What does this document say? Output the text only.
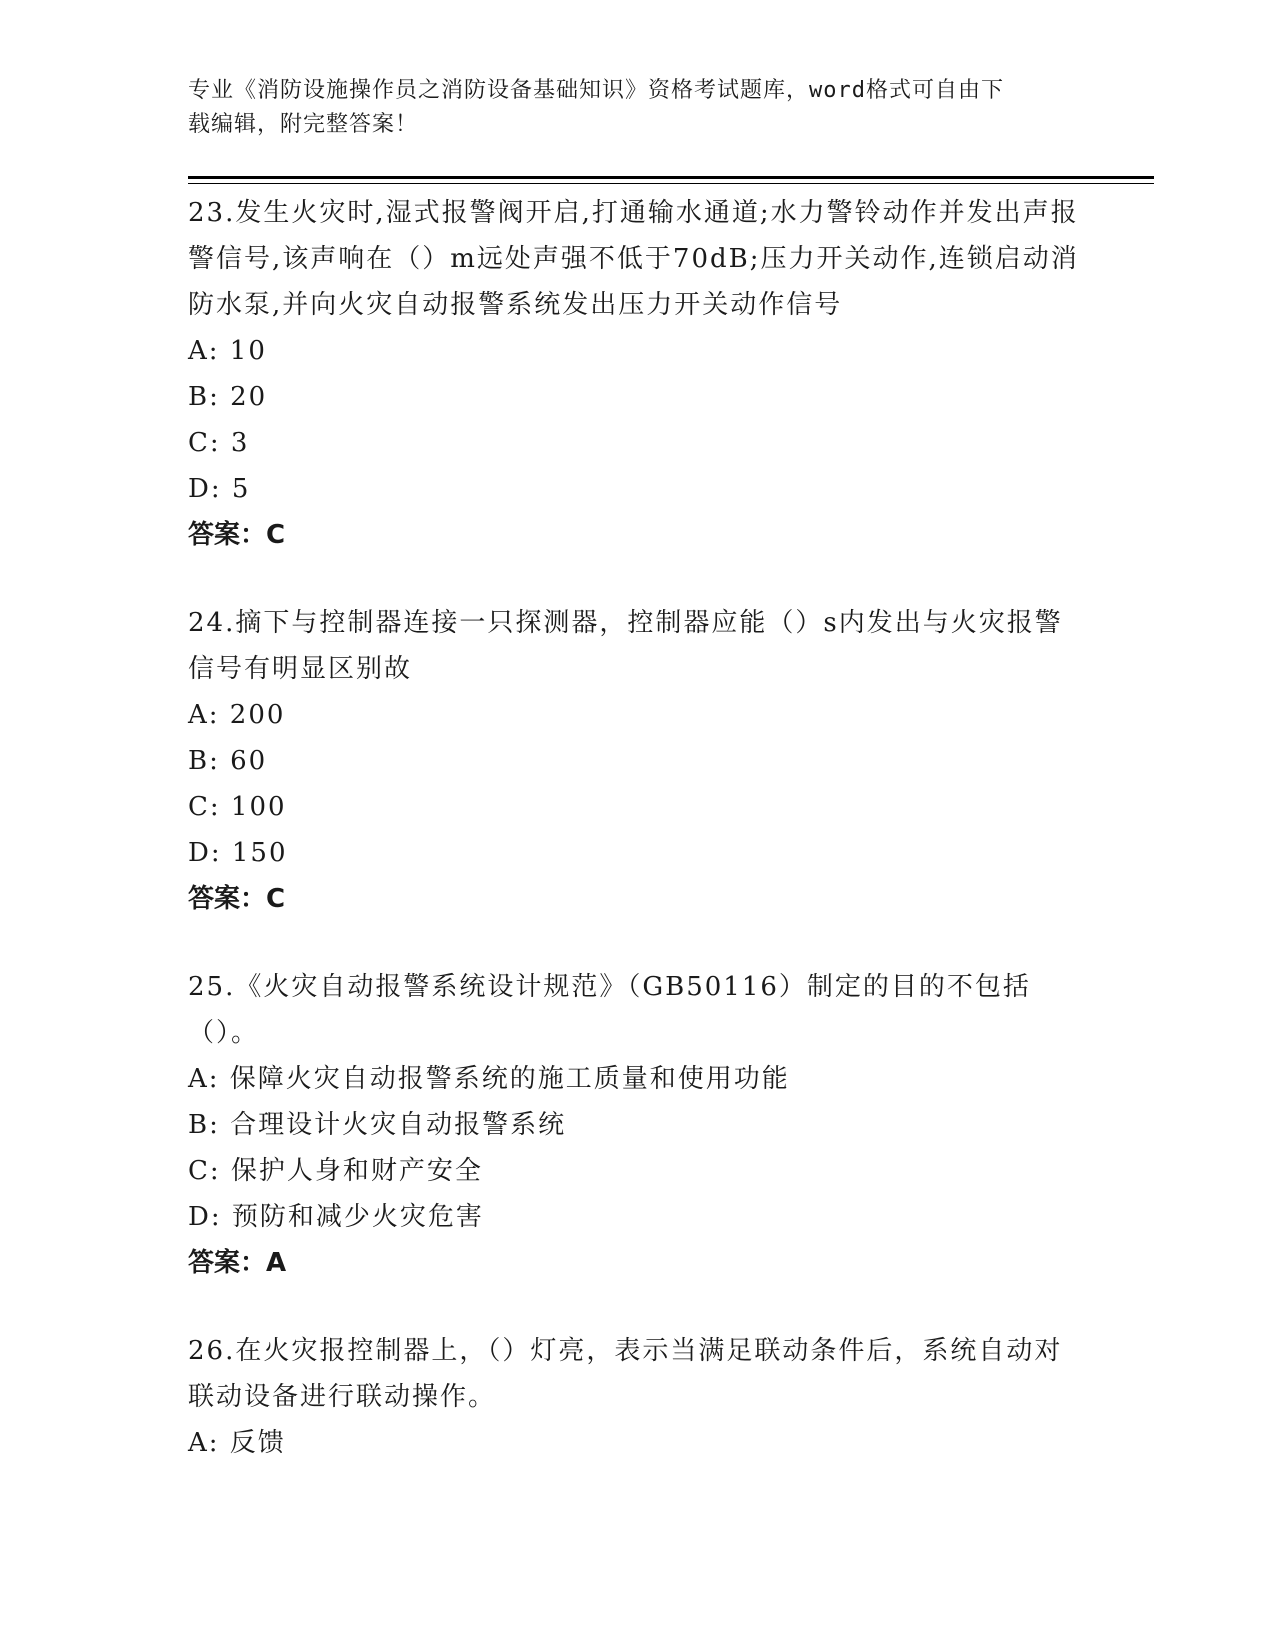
专业《消防设施操作员之消防设备基础知识》资格考试题库，word格式可自由下
载编辑，附完整答案！
23.发生火灾时,湿式报警阀开启,打通输水通道;水力警铃动作并发出声报警信号,该声响在（）m远处声强不低于70dB;压力开关动作,连锁启动消防水泵,并向火灾自动报警系统发出压力开关动作信号
A: 10
B: 20
C: 3
D: 5
答案：C
24.摘下与控制器连接一只探测器，控制器应能（）s内发出与火灾报警信号有明显区别故
A: 200
B: 60
C: 100
D: 150
答案：C
25.《火灾自动报警系统设计规范》（GB50116）制定的目的不包括（）。
A: 保障火灾自动报警系统的施工质量和使用功能
B: 合理设计火灾自动报警系统
C: 保护人身和财产安全
D: 预防和减少火灾危害
答案：A
26.在火灾报控制器上，（）灯亮，表示当满足联动条件后，系统自动对联动设备进行联动操作。
A: 反馈
